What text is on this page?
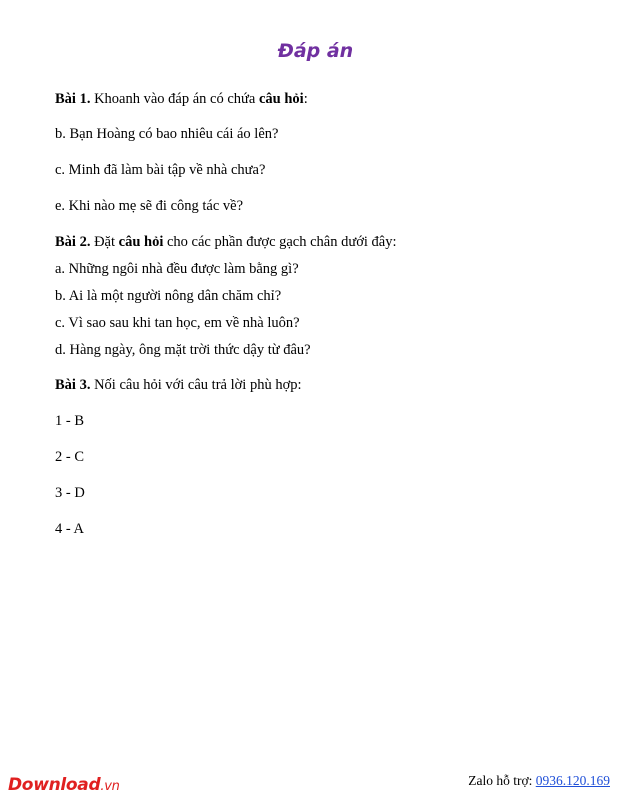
Đáp án

Bài 1. Khoanh vào đáp án có chứa câu hỏi:

b. Bạn Hoàng có bao nhiêu cái áo lên?

c. Minh đã làm bài tập về nhà chưa?

e. Khi nào mẹ sẽ đi công tác về?

Bài 2. Đặt câu hỏi cho các phần được gạch chân dưới đây:

a. Những ngôi nhà đều được làm bằng gì?

b. Ai là một người nông dân chăm chỉ?

c. Vì sao sau khi tan học, em về nhà luôn?

d. Hàng ngày, ông mặt trời thức dậy từ đâu?

Bài 3. Nối câu hỏi với câu trả lời phù hợp:

1 - B

2 - C

3 - D

4 - A

Download.vn	Zalo hỗ trợ: 0936.120.169
